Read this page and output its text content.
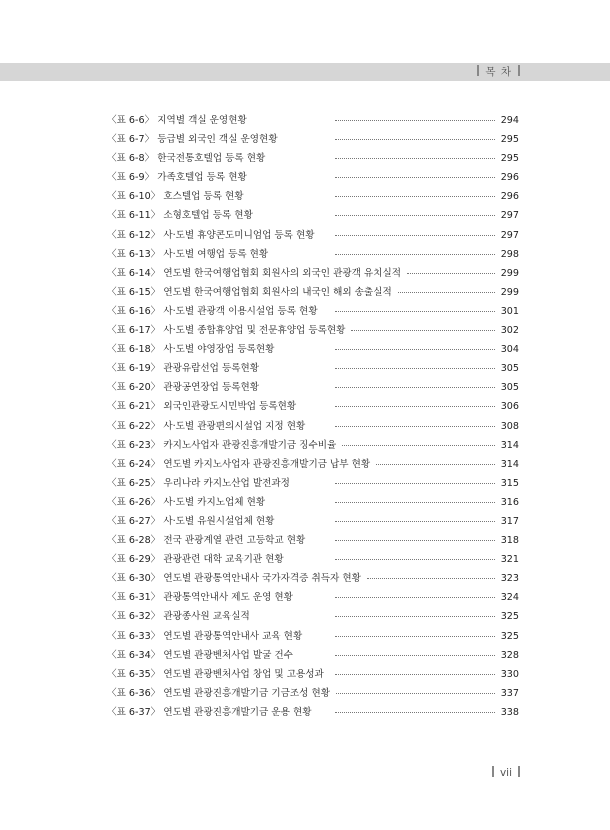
목 차
〈표 6-6〉 지역별 객실 운영현황	294
〈표 6-7〉 등급별 외국인 객실 운영현황	295
〈표 6-8〉 한국전통호텔업 등록 현황	295
〈표 6-9〉 가족호텔업 등록 현황	296
〈표 6-10〉 호스텔업 등록 현황	296
〈표 6-11〉 소형호텔업 등록 현황	297
〈표 6-12〉 사·도별 휴양콘도미니엄업 등록 현황	297
〈표 6-13〉 사·도별 여행업 등록 현황	298
〈표 6-14〉 연도별 한국여행업협회 회원사의 외국인 관광객 유치실적	299
〈표 6-15〉 연도별 한국여행업협회 회원사의 내국인 해외 송출실적	299
〈표 6-16〉 사·도별 관광객 이용시설업 등록 현황	301
〈표 6-17〉 사·도별 종합휴양업 및 전문휴양업 등록현황	302
〈표 6-18〉 사·도별 야영장업 등록현황	304
〈표 6-19〉 관광유람선업 등록현황	305
〈표 6-20〉 관광공연장업 등록현황	305
〈표 6-21〉 외국인관광도시민박업 등록현황	306
〈표 6-22〉 사·도별 관광편의시설업 지정 현황	308
〈표 6-23〉 카지노사업자 관광진흥개발기금 징수비율	314
〈표 6-24〉 연도별 카지노사업자 관광진흥개발기금 납부 현황	314
〈표 6-25〉 우리나라 카지노산업 발전과정	315
〈표 6-26〉 사·도별 카지노업체 현황	316
〈표 6-27〉 사·도별 유원시설업체 현황	317
〈표 6-28〉 전국 관광계열 관련 고등학교 현황	318
〈표 6-29〉 관광관련 대학 교육기관 현황	321
〈표 6-30〉 연도별 관광통역안내사 국가자격증 취득자 현황	323
〈표 6-31〉 관광통역안내사 제도 운영 현황	324
〈표 6-32〉 관광종사원 교육실적	325
〈표 6-33〉 연도별 관광통역안내사 교육 현황	325
〈표 6-34〉 연도별 관광벤처사업 발굴 건수	328
〈표 6-35〉 연도별 관광벤처사업 창업 및 고용성과	330
〈표 6-36〉 연도별 관광진흥개발기금 기금조성 현황	337
〈표 6-37〉 연도별 관광진흥개발기금 운용 현황	338
vii
